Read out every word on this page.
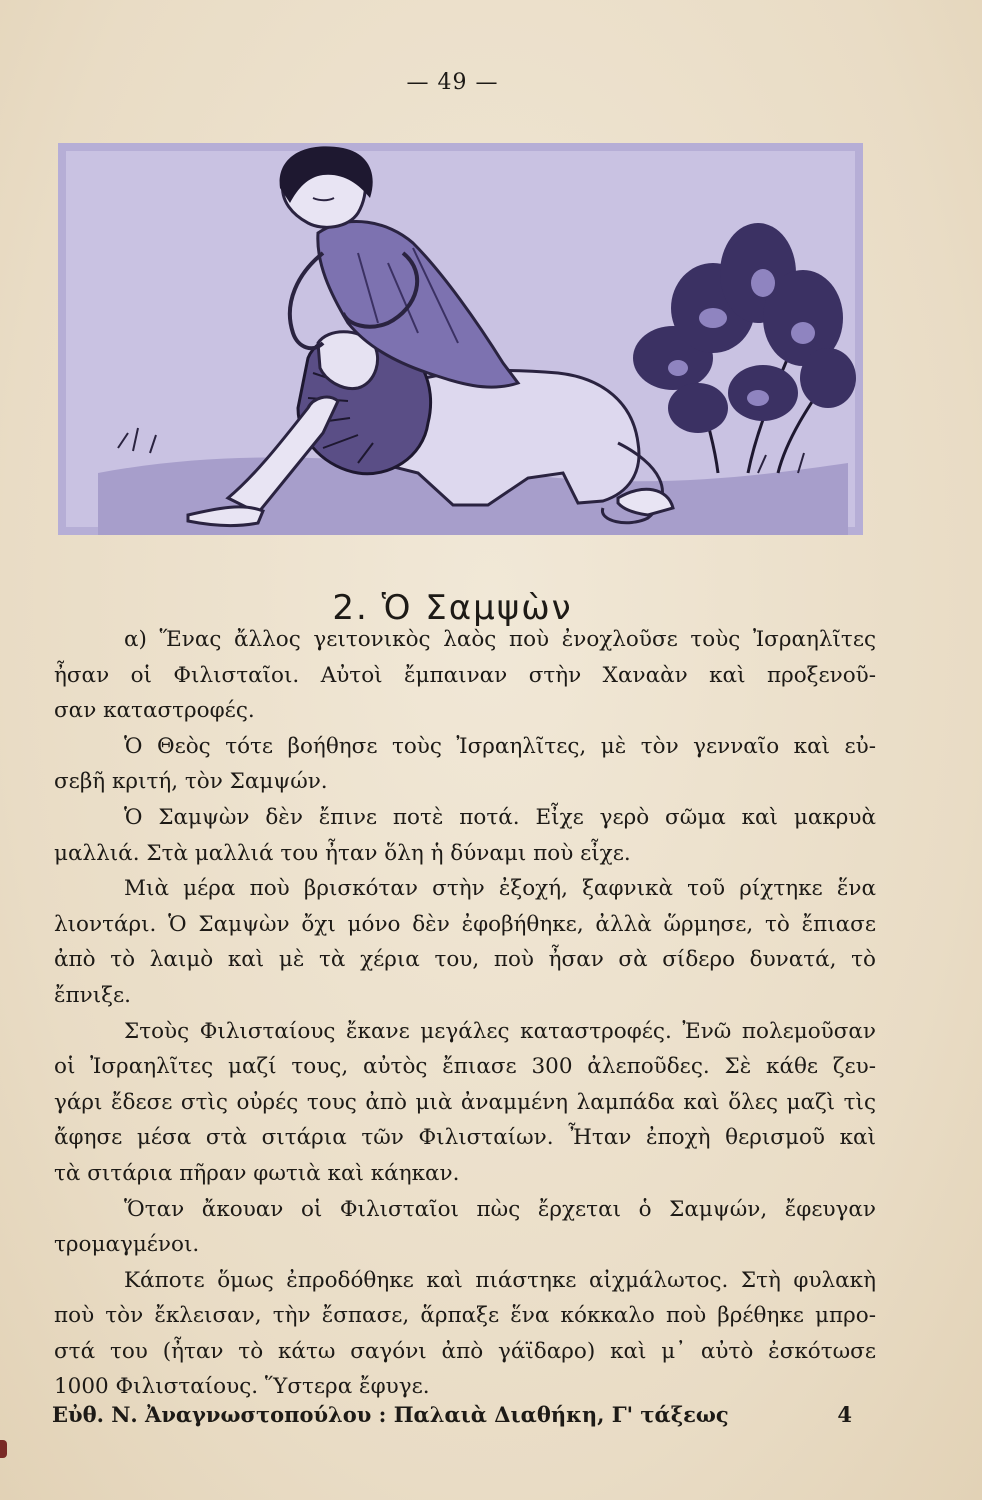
— 49 —
2. Ὁ Σαμψὼν

α) Ἕνας ἄλλος γειτονικὸς λαὸς ποὺ ἐνοχλοῦσε τοὺς Ἰσραηλῖτες
ἦσαν οἱ Φιλισταῖοι. Αὐτοὶ ἔμπαιναν στὴν Χαναὰν καὶ προξενοῦ-
σαν καταστροφές.

Ὁ Θεὸς τότε βοήθησε τοὺς Ἰσραηλῖτες, μὲ τὸν γενναῖο καὶ εὐ-
σεβῆ κριτή, τὸν Σαμψών.

Ὁ Σαμψὼν δὲν ἔπινε ποτὲ ποτά. Εἶχε γερὸ σῶμα καὶ μακρυὰ
μαλλιά. Στὰ μαλλιά του ἦταν ὅλη ἡ δύναμι ποὺ εἶχε.

Μιὰ μέρα ποὺ βρισκόταν στὴν ἐξοχή, ξαφνικὰ τοῦ ρίχτηκε ἕνα
λιοντάρι. Ὁ Σαμψὼν ὄχι μόνο δὲν ἐφοβήθηκε, ἀλλὰ ὥρμησε, τὸ ἔπιασε
ἀπὸ τὸ λαιμὸ καὶ μὲ τὰ χέρια του, ποὺ ἦσαν σὰ σίδερο δυνατά, τὸ
ἔπνιξε.

Στοὺς Φιλισταίους ἔκανε μεγάλες καταστροφές. Ἐνῶ πολεμοῦσαν
οἱ Ἰσραηλῖτες μαζί τους, αὐτὸς ἔπιασε 300 ἀλεποῦδες. Σὲ κάθε ζευ-
γάρι ἔδεσε στὶς οὐρές τους ἀπὸ μιὰ ἀναμμένη λαμπάδα καὶ ὅλες μαζὶ τὶς
ἄφησε μέσα στὰ σιτάρια τῶν Φιλισταίων. Ἦταν ἐποχὴ θερισμοῦ καὶ
τὰ σιτάρια πῆραν φωτιὰ καὶ κάηκαν.

Ὅταν ἄκουαν οἱ Φιλισταῖοι πὼς ἔρχεται ὁ Σαμψών, ἔφευγαν
τρομαγμένοι.

Κάποτε ὅμως ἐπροδόθηκε καὶ πιάστηκε αἰχμάλωτος. Στὴ φυλακὴ
ποὺ τὸν ἔκλεισαν, τὴν ἔσπασε, ἅρπαξε ἕνα κόκκαλο ποὺ βρέθηκε μπρο-
στά του (ἦταν τὸ κάτω σαγόνι ἀπὸ γάϊδαρο) καὶ μ᾽ αὐτὸ ἐσκότωσε
1000 Φιλισταίους. Ὕστερα ἔφυγε.

Εὐθ. Ν. Ἀναγνωστοπούλου : Παλαιὰ Διαθήκη, Γ' τάξεως	4
